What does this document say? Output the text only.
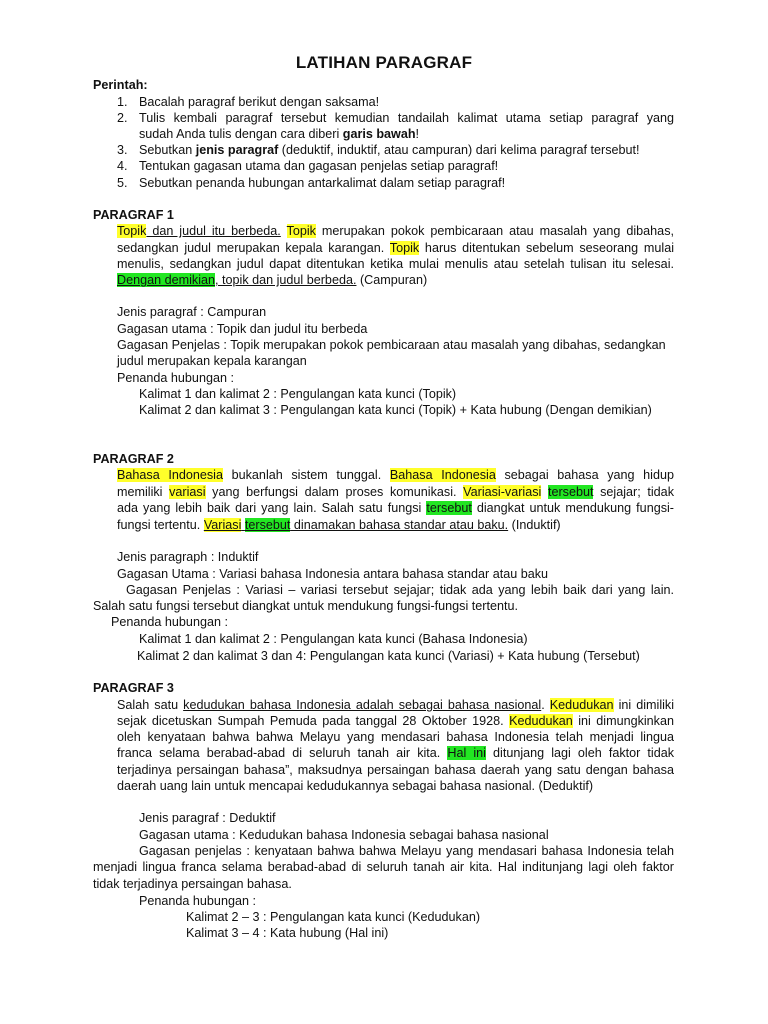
LATIHAN PARAGRAF
Perintah:
1. Bacalah paragraf berikut dengan saksama!
2. Tulis kembali paragraf tersebut kemudian tandailah kalimat utama setiap paragraf yang
sudah Anda tulis dengan cara diberi garis bawah!
3. Sebutkan jenis paragraf (deduktif, induktif, atau campuran) dari kelima paragraf tersebut!
4. Tentukan gagasan utama dan gagasan penjelas setiap paragraf!
5. Sebutkan penanda hubungan antarkalimat dalam setiap paragraf!
PARAGRAF 1
Topik dan judul itu berbeda. Topik merupakan pokok pembicaraan atau masalah yang dibahas,
sedangkan judul merupakan kepala karangan. Topik harus ditentukan sebelum seseorang mulai
menulis, sedangkan judul dapat ditentukan ketika mulai menulis atau setelah tulisan itu selesai.
Dengan demikian, topik dan judul berbeda. (Campuran)
Jenis paragraf : Campuran
Gagasan utama : Topik dan judul itu berbeda
Gagasan Penjelas : Topik merupakan pokok pembicaraan atau masalah yang dibahas, sedangkan
judul merupakan kepala karangan
Penanda hubungan :
Kalimat 1 dan kalimat 2 : Pengulangan kata kunci (Topik)
Kalimat 2 dan kalimat 3 : Pengulangan kata kunci (Topik) + Kata hubung (Dengan demikian)
PARAGRAF 2
Bahasa Indonesia bukanlah sistem tunggal. Bahasa Indonesia sebagai bahasa yang hidup
memiliki variasi yang berfungsi dalam proses komunikasi. Variasi-variasi tersebut sejajar; tidak
ada yang lebih baik dari yang lain. Salah satu fungsi tersebut diangkat untuk mendukung fungsi-
fungsi tertentu. Variasi tersebut dinamakan bahasa standar atau baku. (Induktif)
Jenis paragraph : Induktif
Gagasan Utama : Variasi bahasa Indonesia antara bahasa standar atau baku
Gagasan Penjelas : Variasi – variasi tersebut sejajar; tidak ada yang lebih baik dari yang lain.
Salah satu fungsi tersebut diangkat untuk mendukung fungsi-fungsi tertentu.
Penanda hubungan :
Kalimat 1 dan kalimat 2 : Pengulangan kata kunci (Bahasa Indonesia)
Kalimat 2 dan kalimat 3 dan 4: Pengulangan kata kunci (Variasi) + Kata hubung (Tersebut)
PARAGRAF 3
Salah satu kedudukan bahasa Indonesia adalah sebagai bahasa nasional. Kedudukan ini dimiliki
sejak dicetuskan Sumpah Pemuda pada tanggal 28 Oktober 1928. Kedudukan ini dimungkinkan
oleh kenyataan bahwa bahwa Melayu yang mendasari bahasa Indonesia telah menjadi lingua
franca selama berabad-abad di seluruh tanah air kita. Hal ini ditunjang lagi oleh faktor tidak
terjadinya persaingan bahasa”, maksudnya persaingan bahasa daerah yang satu dengan bahasa
daerah uang lain untuk mencapai kedudukannya sebagai bahasa nasional. (Deduktif)
Jenis paragraf : Deduktif
Gagasan utama : Kedudukan bahasa Indonesia sebagai bahasa nasional
Gagasan penjelas : kenyataan bahwa bahwa Melayu yang mendasari bahasa Indonesia telah
menjadi lingua franca selama berabad-abad di seluruh tanah air kita. Hal inditunjang lagi oleh faktor
tidak terjadinya persaingan bahasa.
Penanda hubungan :
Kalimat 2 – 3 : Pengulangan kata kunci (Kedudukan)
Kalimat 3 – 4 : Kata hubung (Hal ini)
